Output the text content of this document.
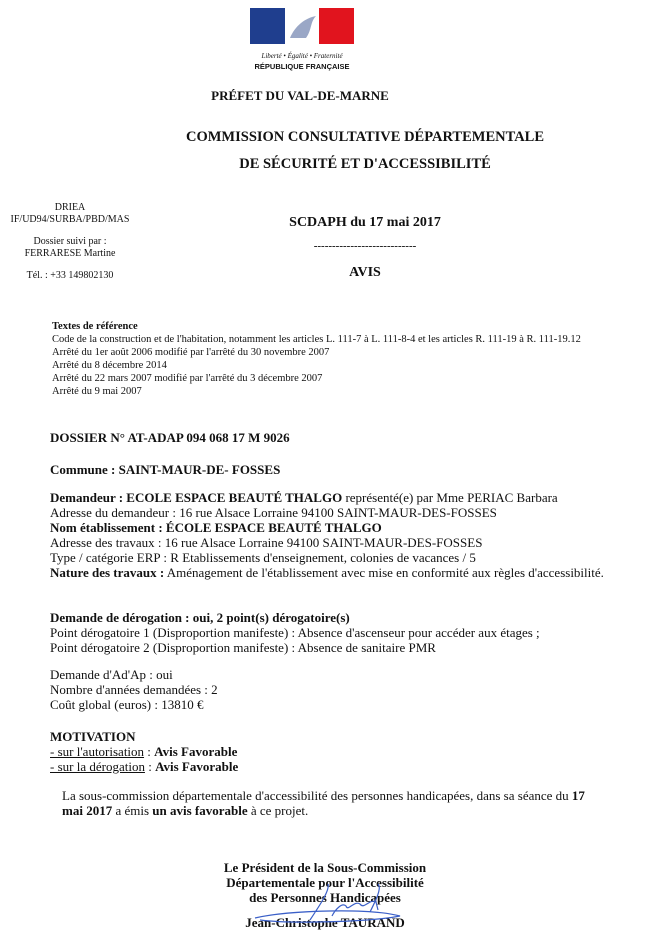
Liberté • Égalité • Fraternité
RÉPUBLIQUE FRANÇAISE
PRÉFET DU VAL-DE-MARNE
COMMISSION CONSULTATIVE DÉPARTEMENTALE
DE SÉCURITÉ ET D'ACCESSIBILITÉ
DRIEA
IF/UD94/SURBA/PBD/MAS
Dossier suivi par :
FERRARESE Martine
Tél. : +33 149802130
SCDAPH du 17 mai 2017
----------------------------
AVIS
Textes de référence
Code de la construction et de l'habitation, notamment les articles L. 111-7 à L. 111-8-4 et les articles R. 111-19 à R. 111-19.12
Arrêté du 1er août 2006 modifié par l'arrêté du 30 novembre 2007
Arrêté du 8 décembre 2014
Arrêté du 22 mars 2007 modifié par l'arrêté du 3 décembre 2007
Arrêté du 9 mai 2007
DOSSIER N° AT-ADAP 094 068 17 M 9026
Commune : SAINT-MAUR-DE- FOSSES
Demandeur : ECOLE ESPACE BEAUTÉ THALGO représenté(e) par Mme PERIAC Barbara
Adresse du demandeur : 16 rue Alsace Lorraine 94100 SAINT-MAUR-DES-FOSSES
Nom établissement : ÉCOLE ESPACE BEAUTÉ THALGO
Adresse des travaux : 16 rue Alsace Lorraine 94100 SAINT-MAUR-DES-FOSSES
Type / catégorie ERP : R Etablissements d'enseignement, colonies de vacances / 5
Nature des travaux : Aménagement de l'établissement avec mise en conformité aux règles d'accessibilité.
Demande de dérogation : oui, 2 point(s) dérogatoire(s)
Point dérogatoire 1 (Disproportion manifeste) : Absence d'ascenseur pour accéder aux étages ;
Point dérogatoire 2 (Disproportion manifeste) : Absence de sanitaire PMR
Demande d'Ad'Ap : oui
Nombre d'années demandées : 2
Coût global (euros) : 13810 €
MOTIVATION
- sur l'autorisation : Avis Favorable
- sur la dérogation : Avis Favorable
La sous-commission départementale d'accessibilité des personnes handicapées, dans sa séance du 17 mai 2017 a émis un avis favorable à ce projet.
Le Président de la Sous-Commission
Départementale pour l'Accessibilité
des Personnes Handicapées
Jean-Christophe TAURAND
